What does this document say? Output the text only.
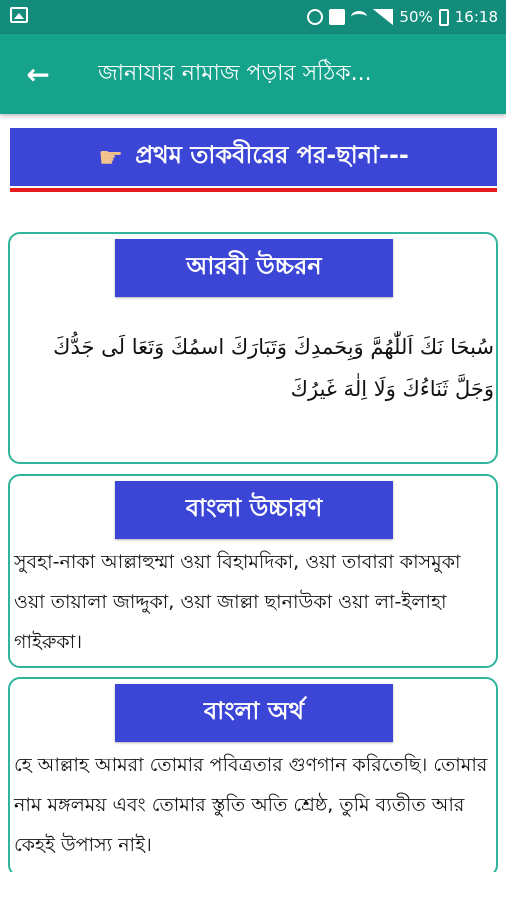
50% 16:18
← জানাযার নামাজ পড়ার সঠিক...
☛ প্রথম তাকবীরের পর-ছানা---
আরবী উচ্চরন
سُبحَا نَكَ اَللّٰهُمَّ وَبِحَمدِكَ وَتَبَارَكَ اسمُكَ وَتَعَا لَى جَدُّكَ وَجَلَّ ثَنَاءُكَ وَلَا اِلٰهَ غَيرُكَ
বাংলা উচ্চারণ
সুবহা-নাকা আল্লাহুম্মা ওয়া বিহামদিকা, ওয়া তাবারা কাসমুকা ওয়া তায়ালা জাদ্দুকা, ওয়া জাল্লা ছানাউকা ওয়া লা-ইলাহা গাইরুকা।
বাংলা অর্থ
হে আল্লাহ আমরা তোমার পবিত্রতার গুণগান করিতেছি। তোমার নাম মঙ্গলময় এবং তোমার স্তুতি অতি শ্রেষ্ঠ, তুমি ব্যতীত আর কেহই উপাস্য নাই।
